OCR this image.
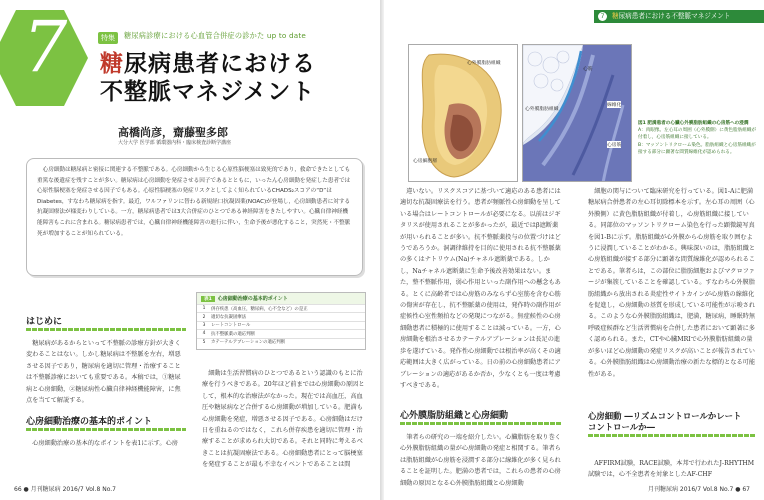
7	特集	糖尿病診療における心血管合併症の診かた up to date
糖尿病患者における
不整脈マネジメント
高橋尚彦，齋藤聖多郎
大分大学 医学部 循環器内科・臨床検査診断学講座
心房細動は糖尿病と密接に関連する不整脈である。心房細動から生じる心原性脳梗塞は致死的であり，救命できたとしても重篤な後遺症を残すことが多い。糖尿病は心房細動を発症させる因子であるとともに，いったん心房細動を発症した患者では心原性脳梗塞を発症させる因子でもある。心原性脳梗塞の発症リスクとしてよく知られているCHADS₂スコアの“D”はDiabetes，すなわち糖尿病を指す。最近，ワルファリンに替わる新規経口抗凝固薬(NOAC)が登場し，心房細動患者に対する抗凝固療法が様変わりしている。一方，糖尿病患者では3大合併症のひとつである神経障害をきたしやすい。心臓自律神経機能障害もこれに含まれる。糖尿病患者では，心臓自律神経機能障害の進行に伴い，生命予後が悪化すること，突然死・不整脈死が増加することが知られている。
はじめに
糖尿病があるからといって不整脈の診療方針が大きく変わることはない。しかし糖尿病は不整脈を左右，増悪させる因子であり，糖尿病を適切に管理・治療することは不整脈診療においても重要である。本稿では，①糖尿病と心房細動，②糖尿病性心臓自律神経機能障害，に焦点を当てて解説する。
心房細動治療の基本的ポイント
心房細動治療の基本的なポイントを表1に示す。心房
表1	心房細動治療の基本的ポイント
1	併存疾患（高血圧，糖尿病，心不全など）の是正
2	適切な抗凝固療法
3	レートコントロール
4	抗不整脈薬の適応判断
5	カテーテルアブレーションの適応判断
細動は生活習慣病のひとつであるという認識のもとに治療を行うべきである。20年ほど前までは心房細動の原因として，根本的な治療法がなかった。現在では高血圧，高血圧や糖尿病など合併する心房細動が増加している。肥満も心房細動を発症，増悪させる因子である。心房細動はだけ日を重ねるのではなく，これら併存疾患を適切に管理・治療することが求められ大切である。それと同時に考えるべきことは抗凝固療法である。心房細動患者にとって脳梗塞を発症することが最も不幸なイベントであることは間
66 ● 月刊糖尿病 2016/7 Vol.8 No.7
7	糖尿病患者における不整脈マネジメント
心外膜脂肪組織
心房細胞層
心筋
線維化
心外膜脂肪組織
心房筋
図1 肥満患者の心臓心外膜脂肪組織の心房筋への浸潤
A：肉眼像。左心耳の周囲（心外膜側）に黄色脂肪組織が付着し，心房筋組織に接している。
B：マッソントリクローム染色。脂肪組織と心房筋組織が接する部分に顕著な間質線維化が認められる。
違いない。リスクスコアに基づいて適応のある患者には適切な抗凝固療法を行う。患者が頻脈性心房細動を呈している場合はレートコントロールが必要になる。以前はジギタリスが使用されることが多かったが，最近ではβ遮断薬が用いられることが多い。抗不整脈薬投与の位置づけはどうであろうか。洞調律維持を目的に使用される抗不整脈薬の多くはナトリウム(Na)チャネル遮断薬である。しかし，Naチャネル遮断薬に生命予後改善効果はない。また，整不整脈作用，弱心作用といった副作用への懸念もある。とくに高齢者では心房筋のみならず心室筋を含む心筋の傷害が存在し，抗不整脈薬の使用は，発作時の副作用が症候性心室性頻拍などの発現につながる。無症候性の心房細動患者に積極的に使用することは減っている。一方，心房細動を根治させるカテーテルアブレーションは長足の進歩を遂げている。発作性心房細動では根治率が高くその適応範囲は大きく広がっている。日の前の心房細動患者にアブレーションの適応があるか否か，少なくとも一度は考慮すべきである。
心外膜脂肪組織と心房細動
筆者らの研究の一端を紹介したい。心臓脂肪を取り巻く心外膜脂肪組織の量が心房細動の発症と相関する。筆者らは脂肪組織が心房筋を浸潤する部分に線維化が多く見られることを証明した。肥満の患者では，これらの患者の心房細動の原因となる心外膜脂肪組織と心房細動
細胞の関与について臨床研究を行っている。図1-Aに肥満糖尿病合併患者の左心耳切除標本を示す。左心耳の周囲（心外膜側）に黄色脂肪組織が付着し，心房筋組織に接している。同部位のマッソントリクローム染色を行った顕微鏡写真を図1-Bに示す。脂肪組織が心外膜から心房筋を取り囲むように浸潤していることがわかる。興味深いのは，脂肪組織と心房筋組織が接する部分に顕著な間質線維化が認められることである。筆者らは，この部位に脂肪細胞およびマクロファージが集簇していることを確認している。すなわち心外膜脂肪組織から放出される炎症性サイトカインが心房筋の線維化を促進し，心房細動の基質を形成している可能性が示唆される。このような心外膜脂肪組織は，肥満，糖尿病，睡眠時無呼吸症候群など生活習慣病を合併した患者において顕著に多く認められる。また，CTや心臓MRIで心外膜脂肪組織の量が多いほど心房細動の発症リスクが高いことが報告されている。心外膜脂肪組織は心房細動治療の新たな標的となる可能性がある。
心房細動 ―リズムコントロールかレートコントロールか―
AFFIRM試験，RACE試験，本邦で行われたJ-RHYTHM試験では，心不全患者を対象としたAF-CHF
月刊糖尿病 2016/7 Vol.8 No.7 ● 67
